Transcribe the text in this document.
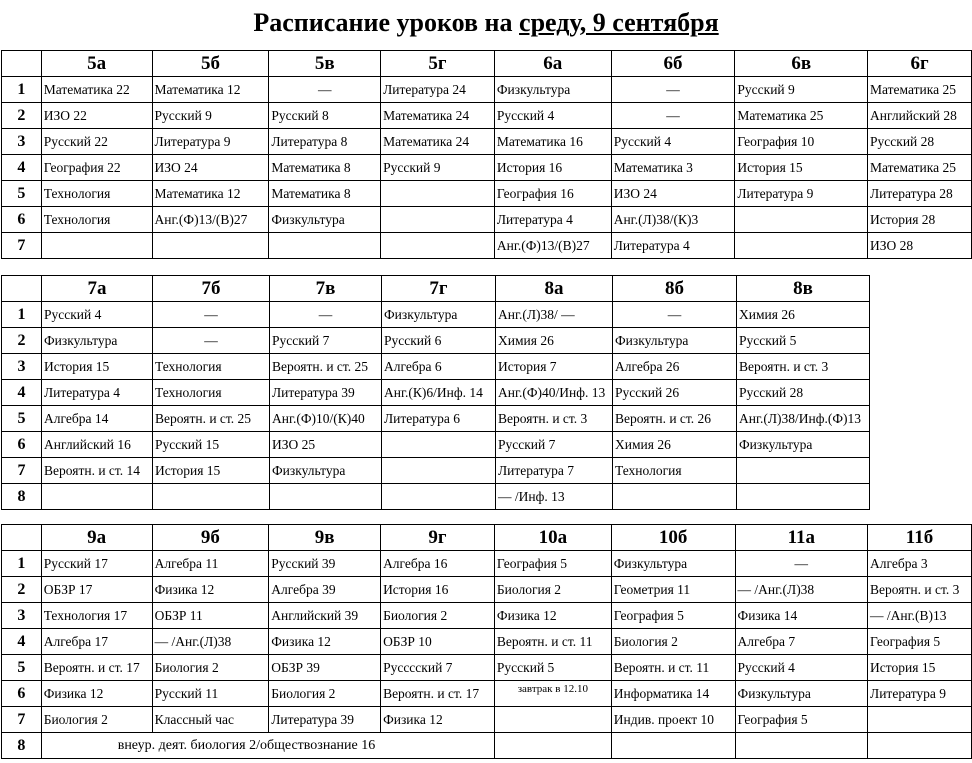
Расписание уроков на среду, 9 сентября
	5а	5б	5в	5г	6а	6б	6в	6г
1	Математика 22	Математика 12	—	Литература 24	Физкультура	—	Русский 9	Математика 25
2	ИЗО 22	Русский 9	Русский 8	Математика 24	Русский 4	—	Математика 25	Английский 28
3	Русский 22	Литература 9	Литература 8	Математика 24	Математика 16	Русский 4	География 10	Русский 28
4	География 22	ИЗО 24	Математика 8	Русский 9	История 16	Математика 3	История 15	Математика 25
5	Технология	Математика 12	Математика 8		География 16	ИЗО 24	Литература 9	Литература 28
6	Технология	Анг.(Ф)13/(В)27	Физкультура		Литература 4	Анг.(Л)38/(К)3		История 28
7					Анг.(Ф)13/(В)27	Литература 4		ИЗО 28
	7а	7б	7в	7г	8а	8б	8в
1	Русский 4	—	—	Физкультура	Анг.(Л)38/ —	—	Химия 26
2	Физкультура	—	Русский 7	Русский 6	Химия 26	Физкультура	Русский 5
3	История 15	Технология	Вероятн. и ст. 25	Алгебра 6	История 7	Алгебра 26	Вероятн. и ст. 3
4	Литература 4	Технология	Литература 39	Анг.(К)6/Инф. 14	Анг.(Ф)40/Инф. 13	Русский 26	Русский 28
5	Алгебра 14	Вероятн. и ст. 25	Анг.(Ф)10/(К)40	Литература 6	Вероятн. и ст. 3	Вероятн. и ст. 26	Анг.(Л)38/Инф.(Ф)13
6	Английский 16	Русский 15	ИЗО 25		Русский 7	Химия 26	Физкультура
7	Вероятн. и ст. 14	История 15	Физкультура		Литература 7	Технология	
8					— /Инф. 13		
	9а	9б	9в	9г	10а	10б	11а	11б
1	Русский 17	Алгебра 11	Русский 39	Алгебра 16	География 5	Физкультура	—	Алгебра 3
2	ОБЗР 17	Физика 12	Алгебра 39	История 16	Биология 2	Геометрия 11	— /Анг.(Л)38	Вероятн. и ст. 3
3	Технология 17	ОБЗР 11	Английский 39	Биология 2	Физика 12	География 5	Физика 14	— /Анг.(В)13
4	Алгебра 17	— /Анг.(Л)38	Физика 12	ОБЗР 10	Вероятн. и ст. 11	Биология 2	Алгебра 7	География 5
5	Вероятн. и ст. 17	Биология 2	ОБЗР 39	Русссский 7	Русский 5	Вероятн. и ст. 11	Русский 4	История 15
6	Физика 12	Русский 11	Биология 2	Вероятн. и ст. 17	завтрак в 12.10	Информатика 14	Физкультура	Литература 9
7	Биология 2	Классный час	Литература 39	Физика 12		Индив. проект 10	География 5	
8	внеур. деят. биология 2/обществознание 16							
